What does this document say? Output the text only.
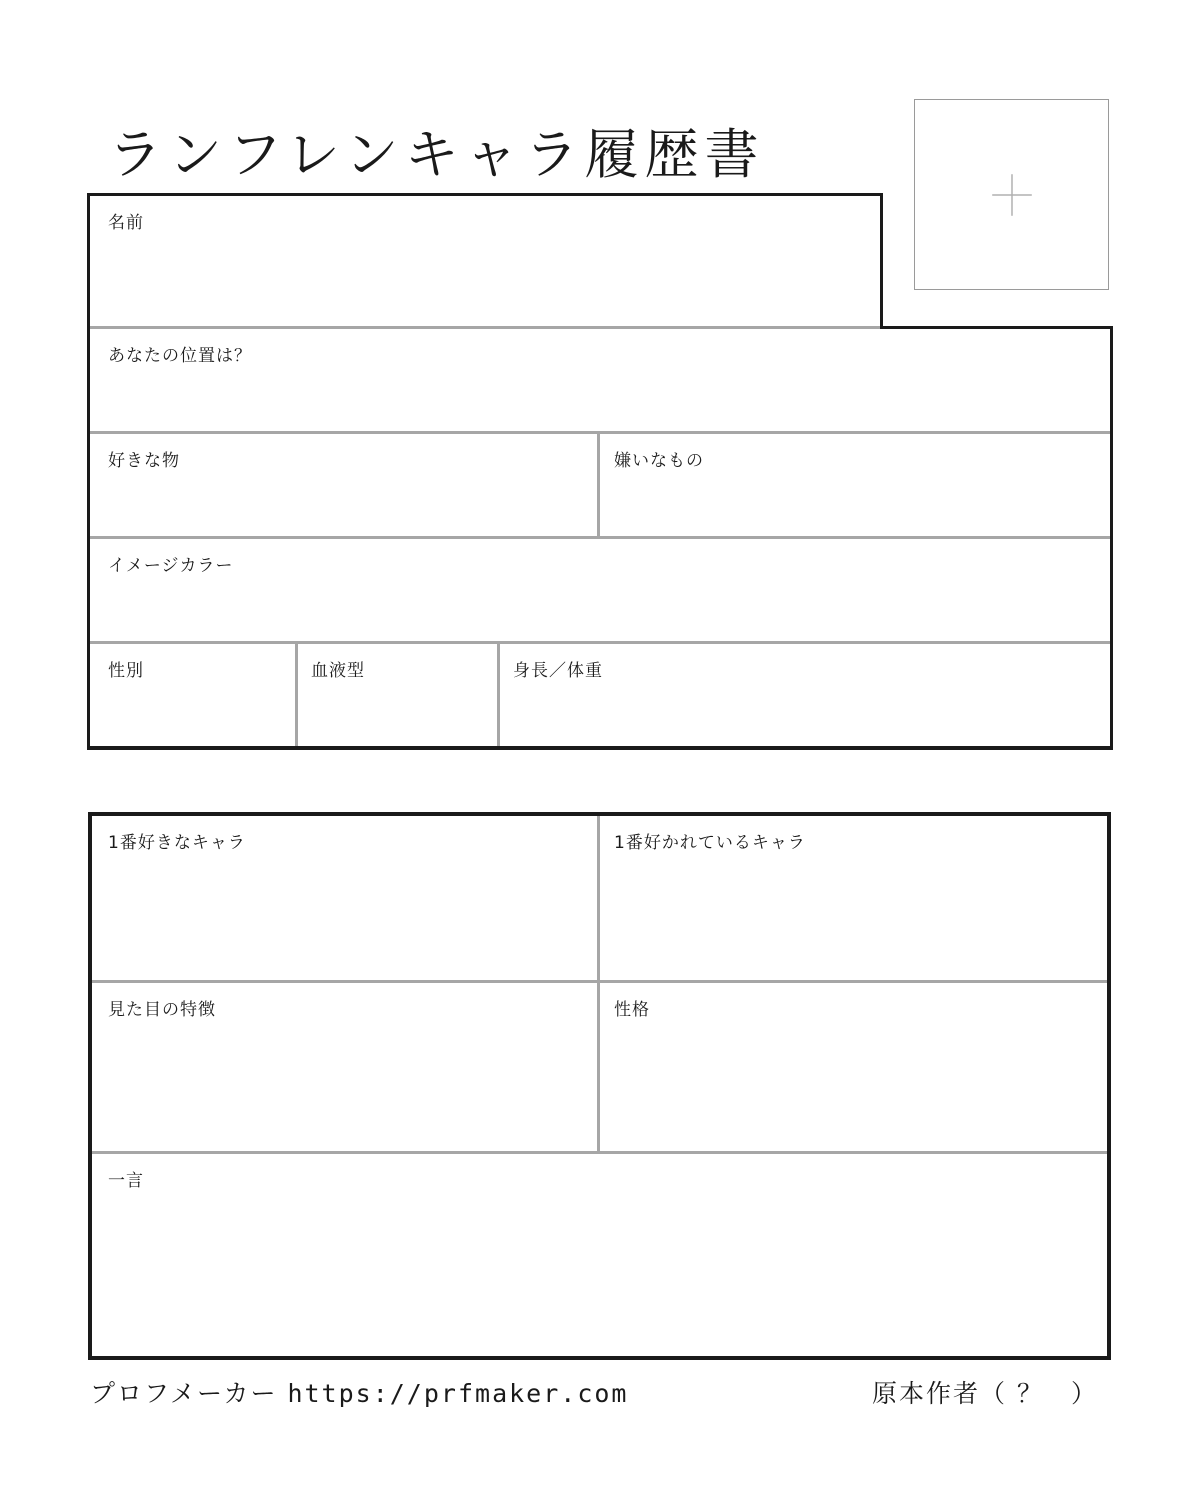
ランフレンキャラ履歴書
名前
あなたの位置は？
好きな物	嫌いなもの
イメージカラー
性別	血液型	身長／体重
1番好きなキャラ	1番好かれているキャラ
見た目の特徴	性格
一言
プロフメーカー https://prfmaker.com	原本作者（ ？　）
